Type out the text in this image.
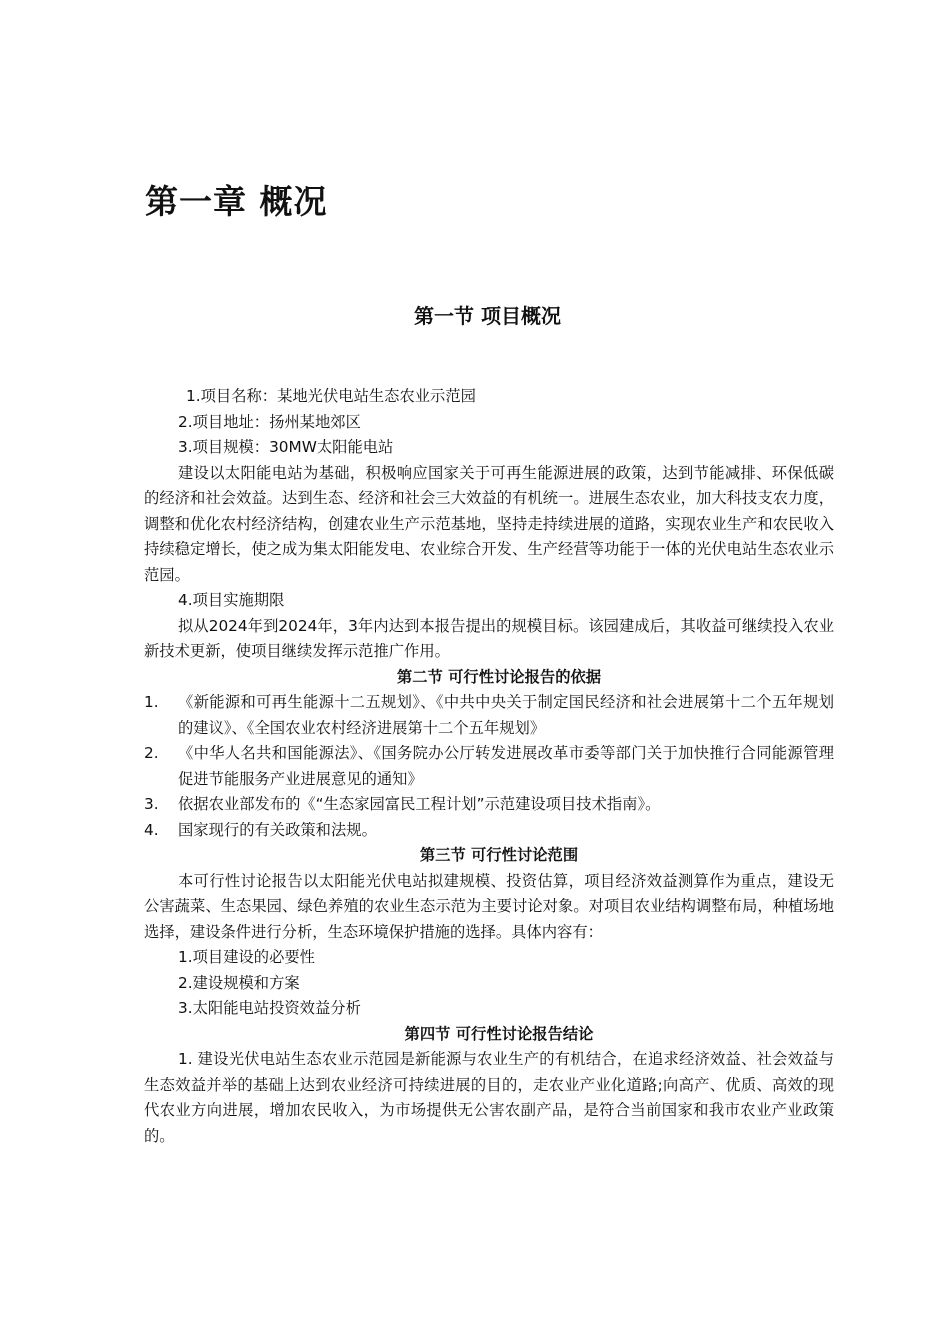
第一章 概况
第一节 项目概况
1.项目名称：某地光伏电站生态农业示范园
2.项目地址：扬州某地郊区
3.项目规模：30MW太阳能电站
建设以太阳能电站为基础，积极响应国家关于可再生能源进展的政策，达到节能减排、环保低碳的经济和社会效益。达到生态、经济和社会三大效益的有机统一。进展生态农业，加大科技支农力度，调整和优化农村经济结构，创建农业生产示范基地，坚持走持续进展的道路，实现农业生产和农民收入持续稳定增长，使之成为集太阳能发电、农业综合开发、生产经营等功能于一体的光伏电站生态农业示范园。
4.项目实施期限
拟从2024年到2024年，3年内达到本报告提出的规模目标。该园建成后，其收益可继续投入农业新技术更新，使项目继续发挥示范推广作用。
第二节 可行性讨论报告的依据
1.	《新能源和可再生能源十二五规划》、《中共中央关于制定国民经济和社会进展第十二个五年规划的建议》、《全国农业农村经济进展第十二个五年规划》
2.	《中华人名共和国能源法》、《国务院办公厅转发进展改革市委等部门关于加快推行合同能源管理促进节能服务产业进展意见的通知》
3.	依据农业部发布的《“生态家园富民工程计划”示范建设项目技术指南》。
4.	国家现行的有关政策和法规。
第三节 可行性讨论范围
本可行性讨论报告以太阳能光伏电站拟建规模、投资估算，项目经济效益测算作为重点，建设无公害蔬菜、生态果园、绿色养殖的农业生态示范为主要讨论对象。对项目农业结构调整布局，种植场地选择，建设条件进行分析，生态环境保护措施的选择。具体内容有：
1.项目建设的必要性
2.建设规模和方案
3.太阳能电站投资效益分析
第四节 可行性讨论报告结论
1. 建设光伏电站生态农业示范园是新能源与农业生产的有机结合，在追求经济效益、社会效益与生态效益并举的基础上达到农业经济可持续进展的目的，走农业产业化道路;向高产、优质、高效的现代农业方向进展，增加农民收入，为市场提供无公害农副产品，是符合当前国家和我市农业产业政策的。
